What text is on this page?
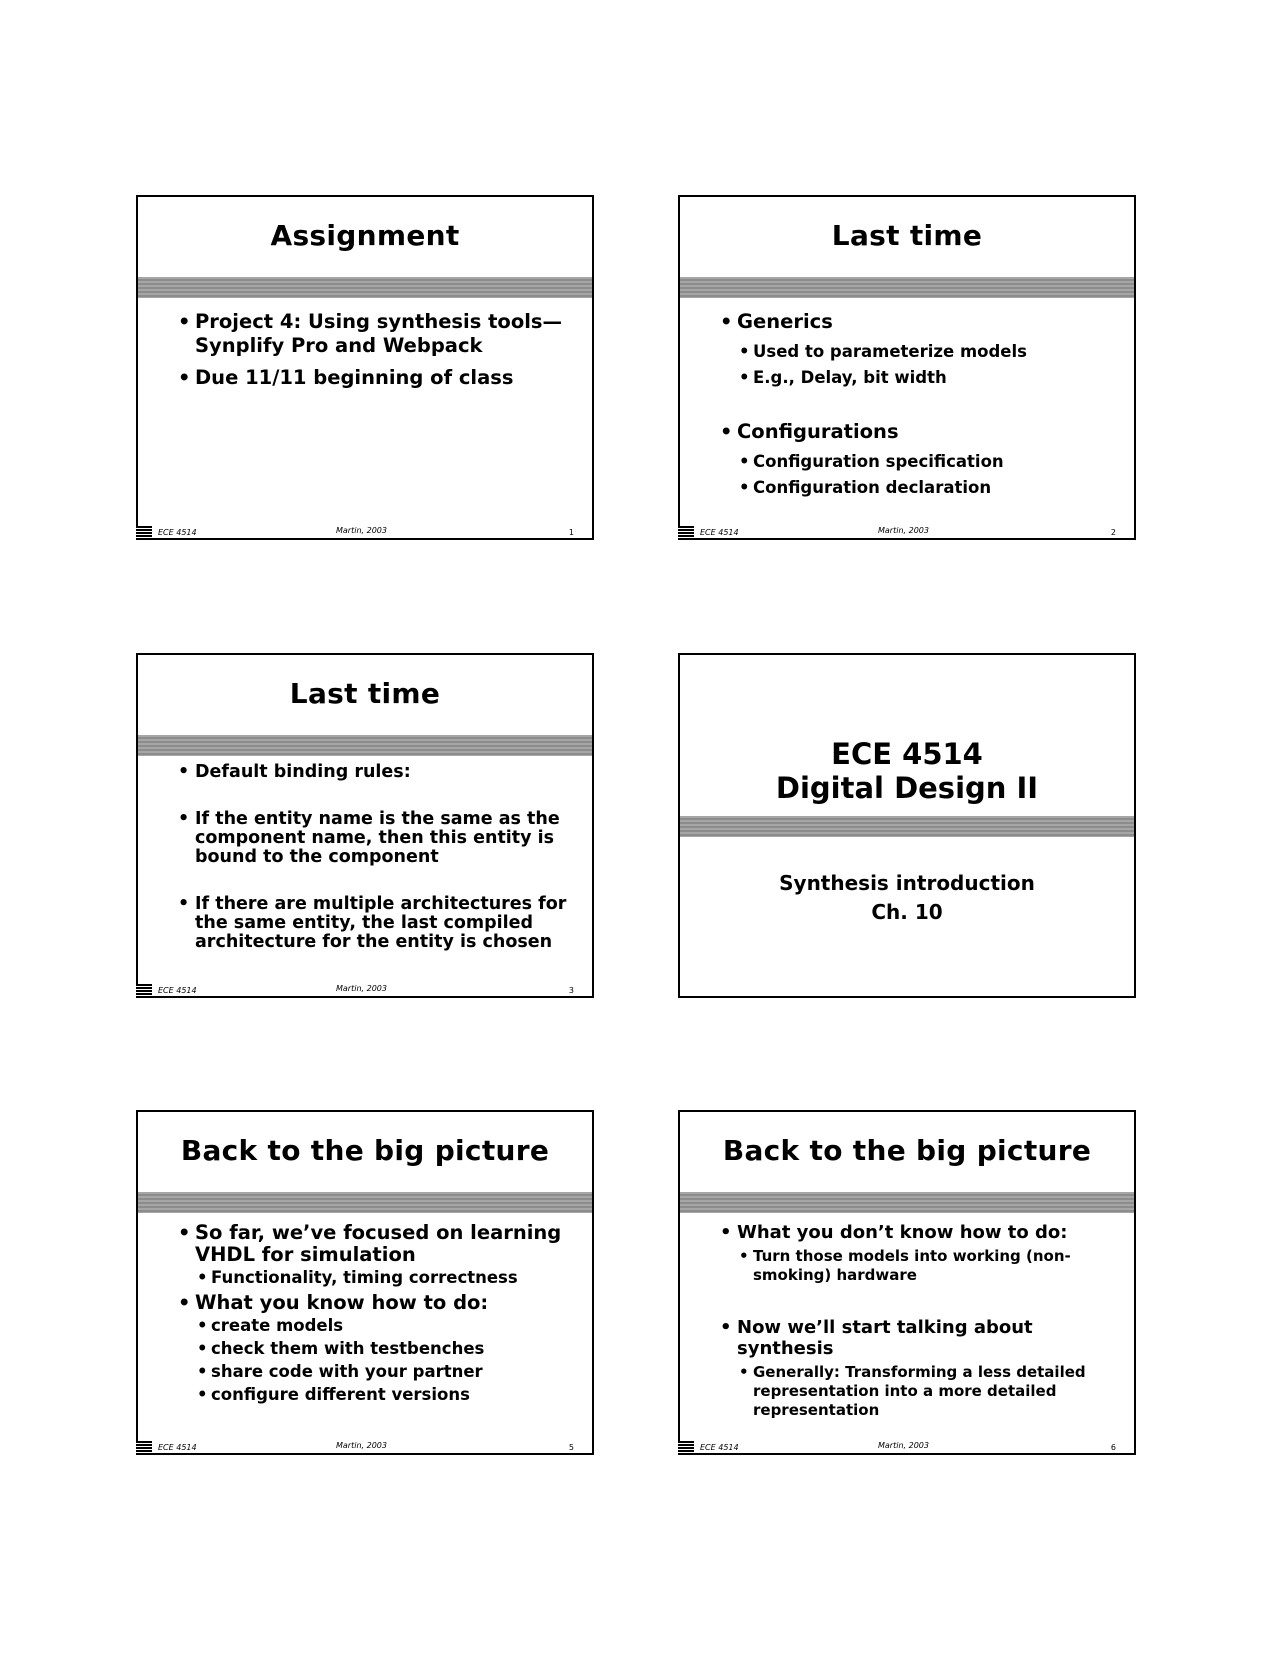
Assignment
• Project 4: Using synthesis tools—Synplify Pro and Webpack
• Due 11/11 beginning of class
ECE 4514	Martin, 2003	1
Last time
• Generics
• Used to parameterize models
• E.g., Delay, bit width
• Configurations
• Configuration specification
• Configuration declaration
ECE 4514	Martin, 2003	2
Last time
• Default binding rules:
• If the entity name is the same as the component name, then this entity is bound to the component
• If there are multiple architectures for the same entity, the last compiled architecture for the entity is chosen
ECE 4514	Martin, 2003	3
ECE 4514
Digital Design II
Synthesis introduction
Ch. 10
Back to the big picture
• So far, we’ve focused on learning VHDL for simulation
• Functionality, timing correctness
• What you know how to do:
• create models
• check them with testbenches
• share code with your partner
• configure different versions
ECE 4514	Martin, 2003	5
Back to the big picture
• What you don’t know how to do:
• Turn those models into working (non-smoking) hardware
• Now we’ll start talking about synthesis
• Generally: Transforming a less detailed representation into a more detailed representation
ECE 4514	Martin, 2003	6
